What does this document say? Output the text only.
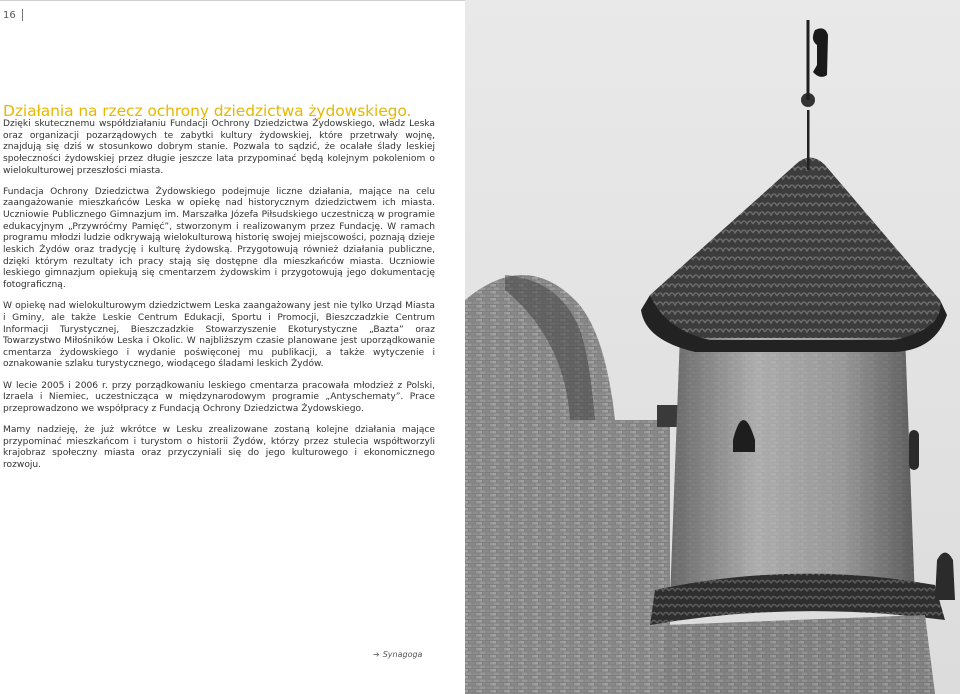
16
Działania na rzecz ochrony dziedzictwa żydowskiego.

Dzięki skutecznemu współdziałaniu Fundacji Ochrony Dziedzictwa Żydowskiego, władz Leska oraz organizacji pozarządowych te zabytki kultury żydowskiej, które przetrwały wojnę, znajdują się dziś w stosunkowo dobrym stanie. Pozwala to sądzić, że ocalałe ślady leskiej społeczności żydowskiej przez długie jeszcze lata przypominać będą kolejnym pokoleniom o wielokulturowej przeszłości miasta.

Fundacja Ochrony Dziedzictwa Żydowskiego podejmuje liczne działania, mające na celu zaangażowanie mieszkańców Leska w opiekę nad historycznym dziedzictwem ich miasta. Uczniowie Publicznego Gimnazjum im. Marszałka Józefa Piłsudskiego uczestniczą w programie edukacyjnym „Przywróćmy Pamięć”, stworzonym i realizowanym przez Fundację. W ramach programu młodzi ludzie odkrywają wielokulturową historię swojej miejscowości, poznają dzieje leskich Żydów oraz tradycję i kulturę żydowską. Przygotowują również działania publiczne, dzięki którym rezultaty ich pracy stają się dostępne dla mieszkańców miasta. Uczniowie leskiego gimnazjum opiekują się cmentarzem żydowskim i przygotowują jego dokumentację fotograficzną.

W opiekę nad wielokulturowym dziedzictwem Leska zaangażowany jest nie tylko Urząd Miasta i Gminy, ale także Leskie Centrum Edukacji, Sportu i Promocji, Bieszczadzkie Centrum Informacji Turystycznej, Bieszczadzkie Stowarzyszenie Ekoturystyczne „Bazta” oraz Towarzystwo Miłośników Leska i Okolic. W najbliższym czasie planowane jest uporządkowanie cmentarza żydowskiego i wydanie poświęconej mu publikacji, a także wytyczenie i oznakowanie szlaku turystycznego, wiodącego śladami leskich Żydów.

W lecie 2005 i 2006 r. przy porządkowaniu leskiego cmentarza pracowała młodzież z Polski, Izraela i Niemiec, uczestnicząca w międzynarodowym programie „Antyschematy”. Prace przeprowadzono we współpracy z Fundacją Ochrony Dziedzictwa Żydowskiego.

Mamy nadzieję, że już wkrótce w Lesku zrealizowane zostaną kolejne działania mające przypominać mieszkańcom i turystom o historii Żydów, którzy przez stulecia współtworzyli krajobraz społeczny miasta oraz przyczyniali się do jego kulturowego i ekonomicznego rozwoju.

➔ Synagoga
